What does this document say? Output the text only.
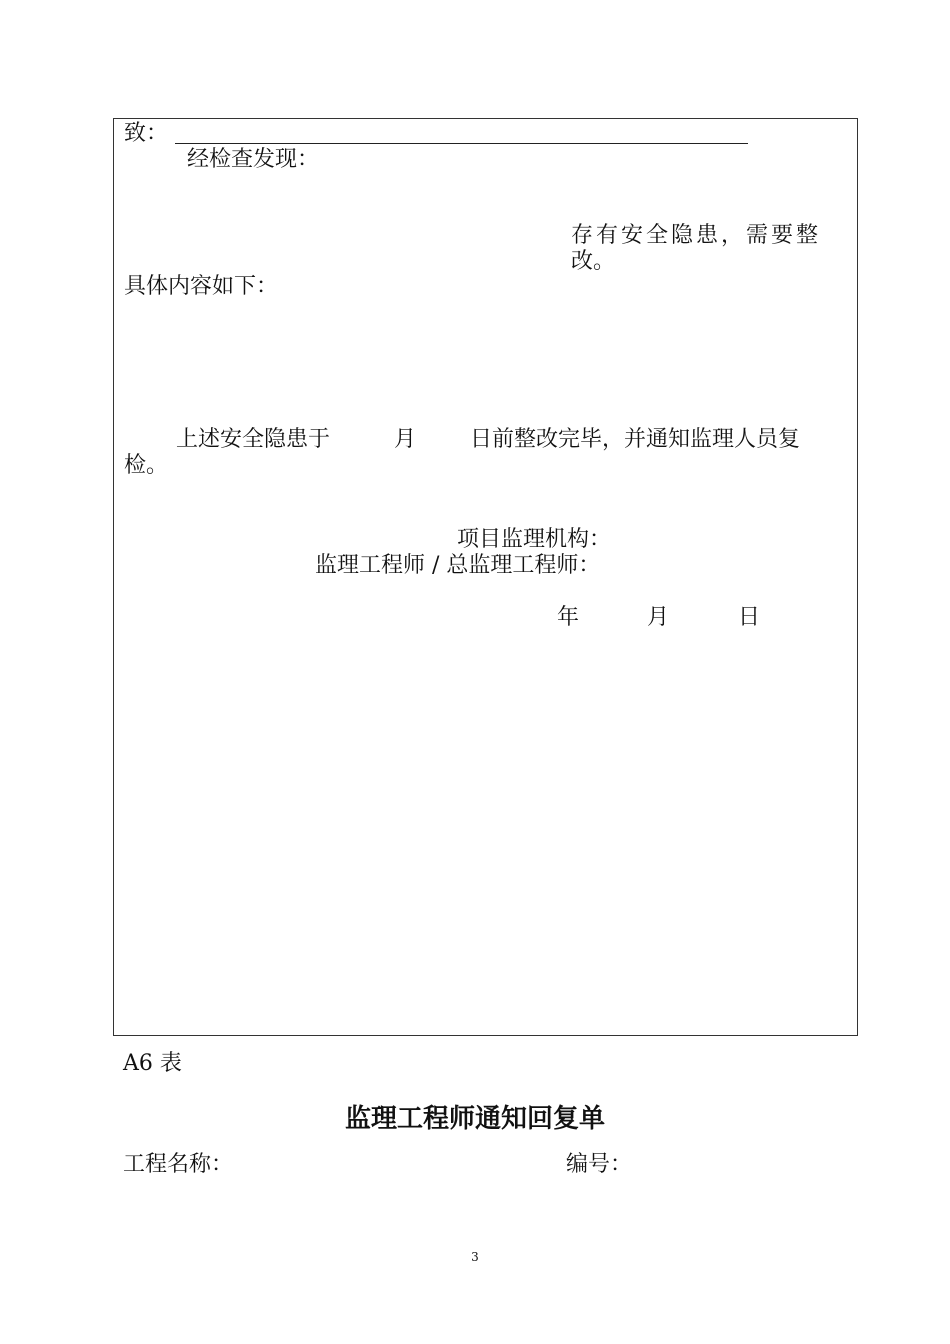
致：
经检查发现：
存有安全隐患，需要整
改。
具体内容如下：
上述安全隐患于	月 日前整改完毕，并通知监理人员复
检。
项目监理机构：
监理工程师 / 总监理工程师：
年	月	日
A6 表
监理工程师通知回复单
工程名称：	编号：
3
